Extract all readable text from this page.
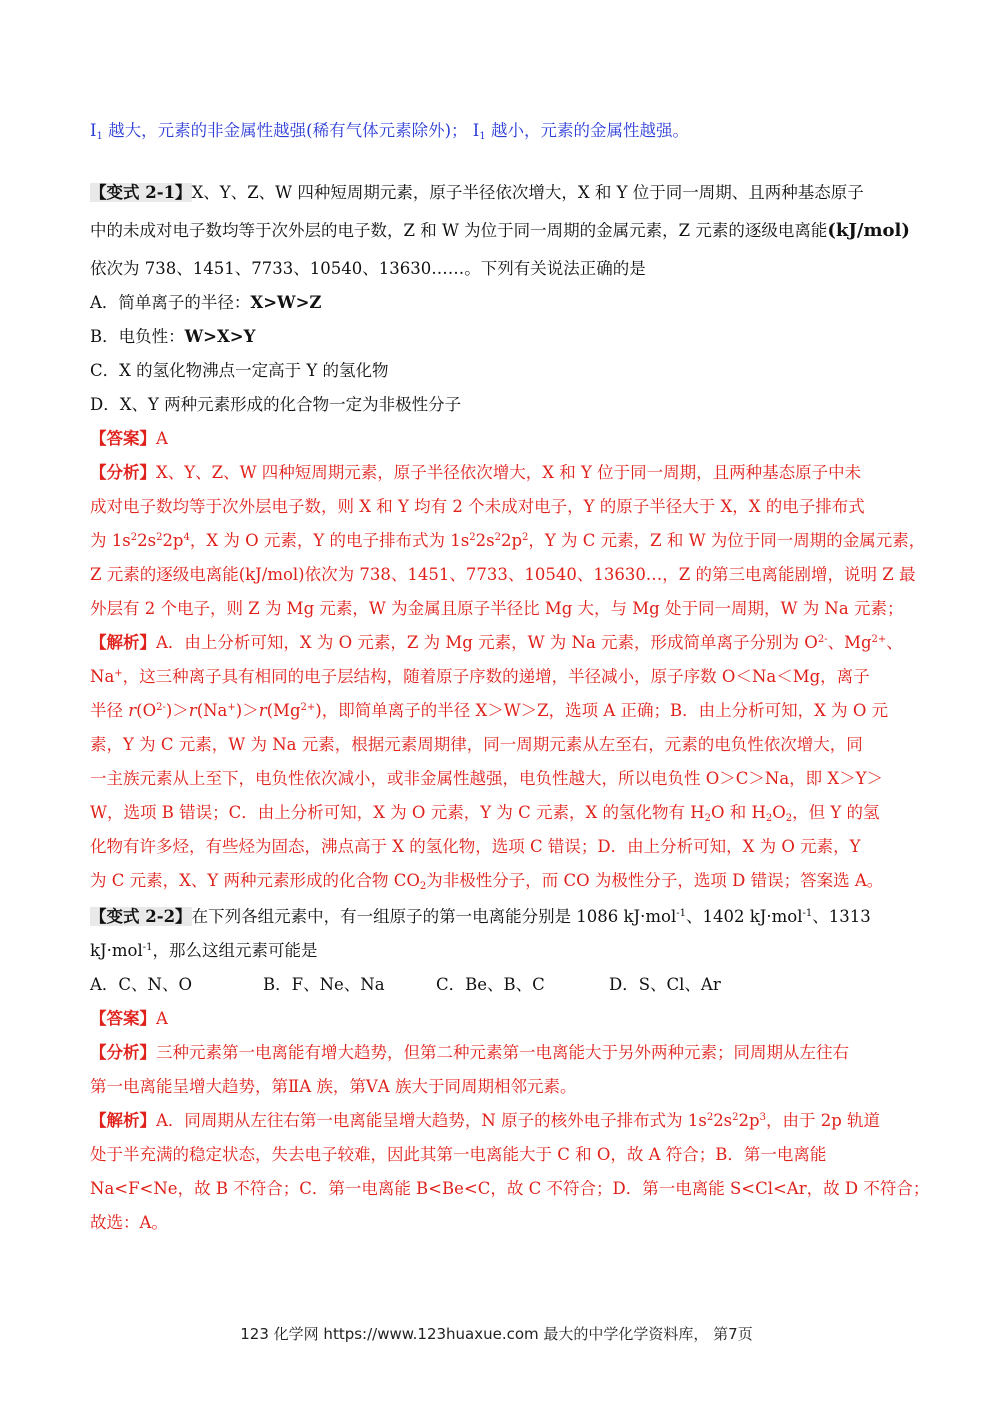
$I_1$ 越大，元素的非金属性越强(稀有气体元素除外)； $I_1$ 越小，元素的金属性越强。
【变式 2-1】X、Y、Z、W 四种短周期元素，原子半径依次增大，X 和 Y 位于同一周期、且两种基态原子
中的未成对电子数均等于次外层的电子数，Z 和 W 为位于同一周期的金属元素，Z 元素的逐级电离能(kJ/mol)
依次为 738、1451、7733、10540、13630……。下列有关说法正确的是
A．简单离子的半径：X>W>Z
B．电负性：W>X>Y
C．X 的氢化物沸点一定高于 Y 的氢化物
D．X、Y 两种元素形成的化合物一定为非极性分子
【答案】A
【分析】X、Y、Z、W 四种短周期元素，原子半径依次增大，X 和 Y 位于同一周期，且两种基态原子中未
成对电子数均等于次外层电子数，则 X 和 Y 均有 2 个未成对电子，Y 的原子半径大于 X，X 的电子排布式
为 $1s^22s^22p^4$，X 为 O 元素，Y 的电子排布式为 $1s^22s^22p^2$，Y 为 C 元素，Z 和 W 为位于同一周期的金属元素，
Z 元素的逐级电离能(kJ/mol)依次为 738、1451、7733、10540、13630…，Z 的第三电离能剧增，说明 Z 最
外层有 2 个电子，则 Z 为 Mg 元素，W 为金属且原子半径比 Mg 大，与 Mg 处于同一周期，W 为 Na 元素；
【解析】A．由上分析可知，X 为 O 元素，Z 为 Mg 元素，W 为 Na 元素，形成简单离子分别为 $O^{2-}$、$Mg^{2+}$、
Na+，这三种离子具有相同的电子层结构，随着原子序数的递增，半径减小，原子序数 O＜Na＜Mg，离子
半径 $r(O^{2-})>r(Na^+)>r(Mg^{2+})$，即简单离子的半径 X＞W＞Z，选项 A 正确；B．由上分析可知，X 为 O 元
素，Y 为 C 元素，W 为 Na 元素，根据元素周期律，同一周期元素从左至右，元素的电负性依次增大，同
一主族元素从上至下，电负性依次减小，或非金属性越强，电负性越大，所以电负性 O＞C＞Na，即 X＞Y＞
W，选项 B 错误；C．由上分析可知，X 为 O 元素，Y 为 C 元素，X 的氢化物有 $H_2O$ 和 $H_2O_2$，但 Y 的氢
化物有许多烃，有些烃为固态，沸点高于 X 的氢化物，选项 C 错误；D．由上分析可知，X 为 O 元素，Y
为 C 元素，X、Y 两种元素形成的化合物 $CO_2$为非极性分子，而 CO 为极性分子，选项 D 错误；答案选 A。
【变式 2-2】在下列各组元素中，有一组原子的第一电离能分别是 1086 kJ·mol$^{-1}$、1402 kJ·mol$^{-1}$、1313
kJ·mol$^{-1}$，那么这组元素可能是
A．C、N、O	B．F、Ne、Na	C．Be、B、C	D．S、Cl、Ar
【答案】A
【分析】三种元素第一电离能有增大趋势，但第二种元素第一电离能大于另外两种元素；同周期从左往右
第一电离能呈增大趋势，第ⅡA 族，第ⅤA 族大于同周期相邻元素。
【解析】A．同周期从左往右第一电离能呈增大趋势，N 原子的核外电子排布式为 $1s^22s^22p^3$，由于 2p 轨道
处于半充满的稳定状态，失去电子较难，因此其第一电离能大于 C 和 O，故 A 符合；B．第一电离能
Na<F<Ne，故 B 不符合；C．第一电离能 B<Be<C，故 C 不符合；D．第一电离能 S<Cl<Ar，故 D 不符合；
故选：A。
123 化学网 https://www.123huaxue.com 最大的中学化学资料库， 第7页
